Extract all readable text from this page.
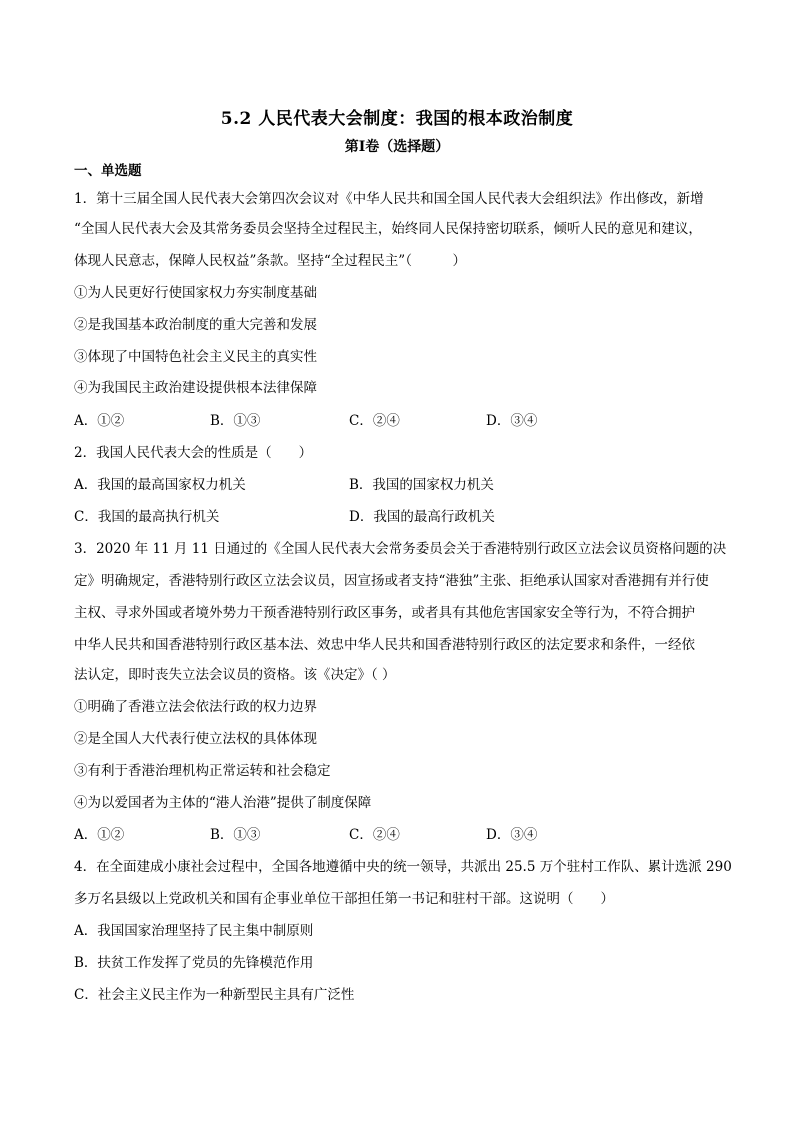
5.2 人民代表大会制度：我国的根本政治制度
第Ⅰ卷（选择题）
一、单选题
1．第十三届全国人民代表大会第四次会议对《中华人民共和国全国人民代表大会组织法》作出修改，新增
“全国人民代表大会及其常务委员会坚持全过程民主，始终同人民保持密切联系，倾听人民的意见和建议，
体现人民意志，保障人民权益”条款。坚持“全过程民主”（　　　）
①为人民更好行使国家权力夯实制度基础
②是我国基本政治制度的重大完善和发展
③体现了中国特色社会主义民主的真实性
④为我国民主政治建设提供根本法律保障
A．①②	B．①③	C．②④	D．③④
2．我国人民代表大会的性质是（　　）
A．我国的最高国家权力机关	B．我国的国家权力机关
C．我国的最高执行机关	D．我国的最高行政机关
3．2020 年 11 月 11 日通过的《全国人民代表大会常务委员会关于香港特别行政区立法会议员资格问题的决
定》明确规定，香港特别行政区立法会议员，因宣扬或者支持“港独”主张、拒绝承认国家对香港拥有并行使
主权、寻求外国或者境外势力干预香港特别行政区事务，或者具有其他危害国家安全等行为，不符合拥护
中华人民共和国香港特别行政区基本法、效忠中华人民共和国香港特别行政区的法定要求和条件，一经依
法认定，即时丧失立法会议员的资格。该《决定》（ ）
①明确了香港立法会依法行政的权力边界
②是全国人大代表行使立法权的具体体现
③有利于香港治理机构正常运转和社会稳定
④为以爱国者为主体的“港人治港”提供了制度保障
A．①②	B．①③	C．②④	D．③④
4．在全面建成小康社会过程中，全国各地遵循中央的统一领导，共派出 25.5 万个驻村工作队、累计选派 290
多万名县级以上党政机关和国有企事业单位干部担任第一书记和驻村干部。这说明（　　）
A．我国国家治理坚持了民主集中制原则
B．扶贫工作发挥了党员的先锋模范作用
C．社会主义民主作为一种新型民主具有广泛性
